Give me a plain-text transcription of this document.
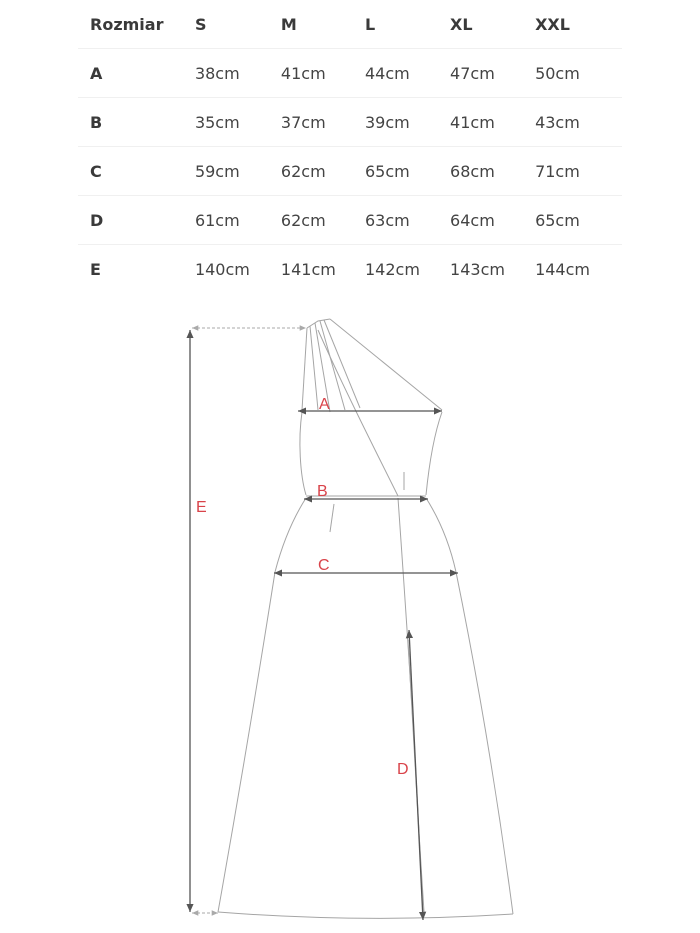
Rozmiar	S	M	L	XL	XXL
A	38cm	41cm	44cm	47cm	50cm
B	35cm	37cm	39cm	41cm	43cm
C	59cm	62cm	65cm	68cm	71cm
D	61cm	62cm	63cm	64cm	65cm
E	140cm	141cm	142cm	143cm	144cm
E
A
B
C
D
